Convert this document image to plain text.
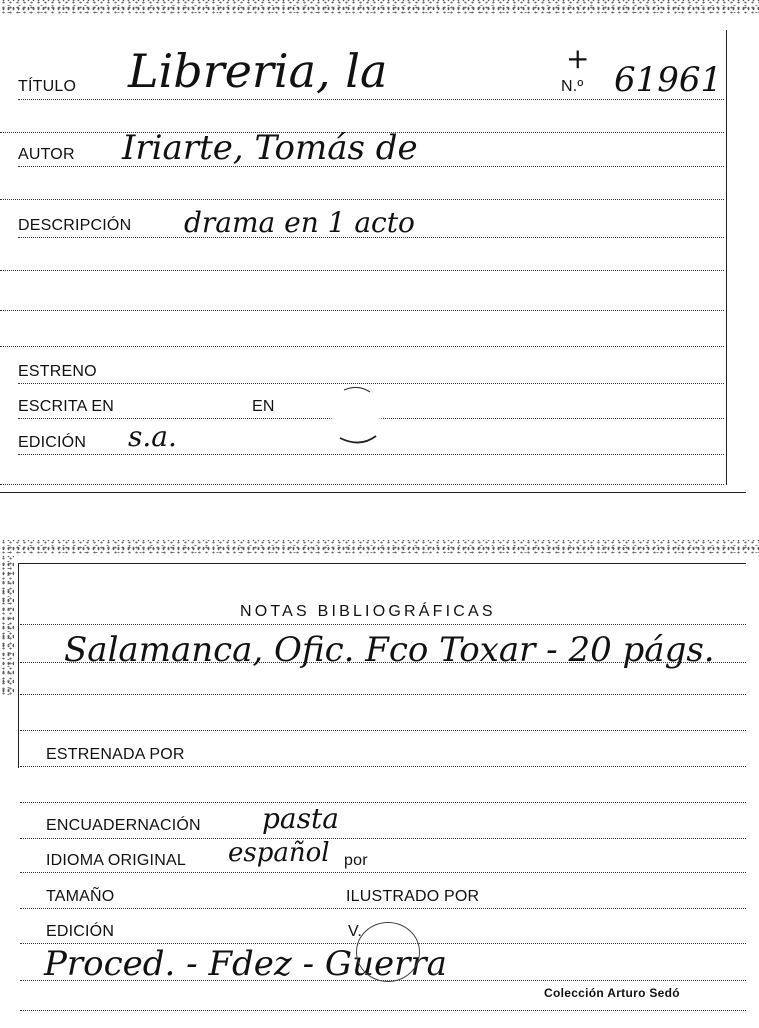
TÍTULO Libreria, la	+
N.º 61961
AUTOR Iriarte, Tomás de
DESCRIPCIÓN drama en 1 acto
ESTRENO
ESCRITA EN	EN
EDICIÓN s.a.
NOTAS BIBLIOGRÁFICAS
Salamanca, Ofic. Fco Toxar - 20 págs.
ESTRENADA POR
ENCUADERNACIÓN pasta
IDIOMA ORIGINAL español por
TAMAÑO	ILUSTRADO POR
EDICIÓN	V.
Proced. - Fdez - Guerra
Colección Arturo Sedó
